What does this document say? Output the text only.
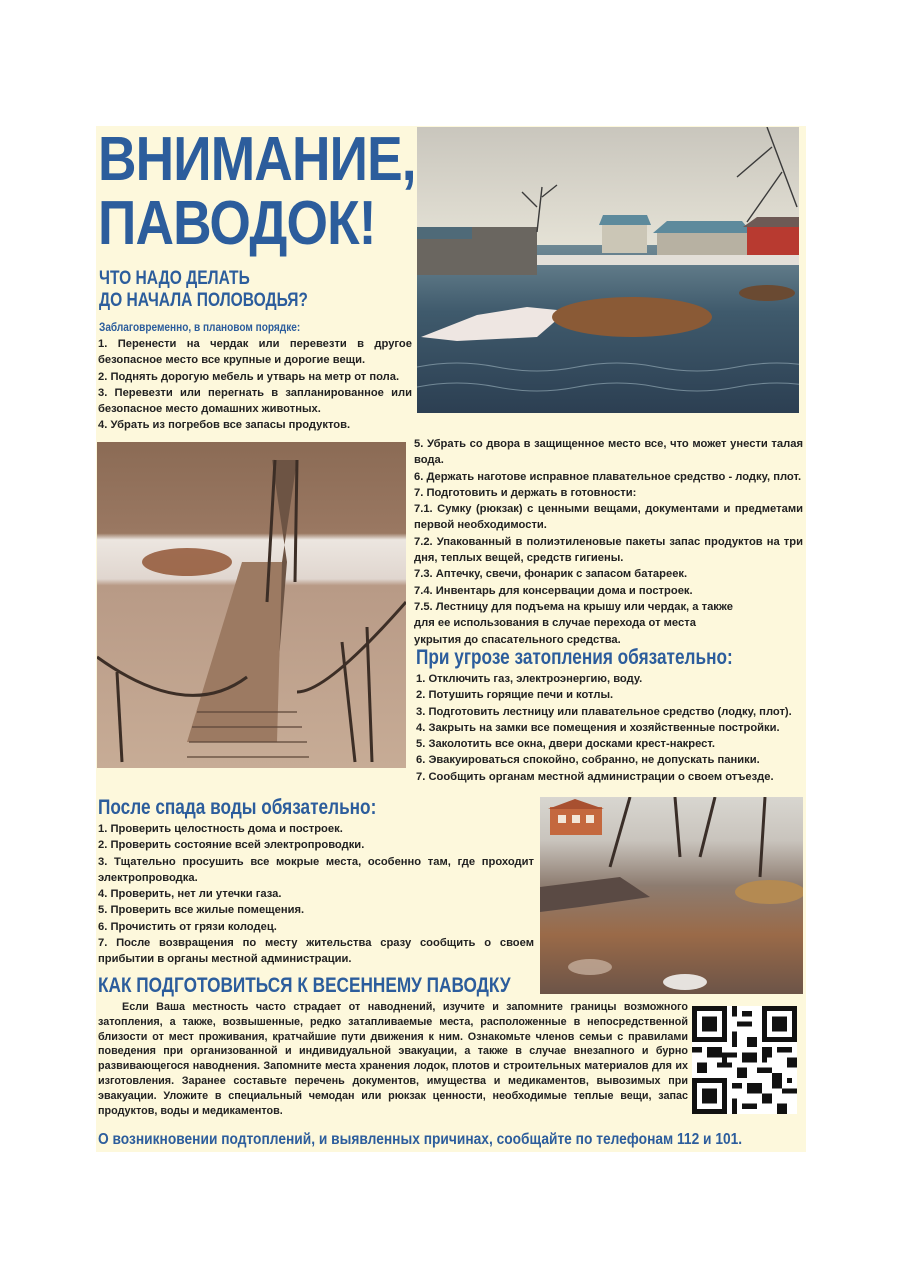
ВНИМАНИЕ,
ПАВОДОК!
ЧТО НАДО ДЕЛАТЬ
ДО НАЧАЛА ПОЛОВОДЬЯ?
Заблаговременно, в плановом порядке:

1. Перенести на чердак или перевезти в другое безопасное место все крупные и дорогие вещи.

2. Поднять дорогую мебель и утварь на метр от пола.

3. Перевезти или перегнать в запланированное или безопасное место домашних животных.

4. Убрать из погребов все запасы продуктов.

5. Убрать со двора в защищенное место все, что может унести талая вода.

6. Держать наготове исправное плавательное средство - лодку, плот.

7. Подготовить и держать в готовности:

7.1. Сумку (рюкзак) с ценными вещами, документами и предметами первой необходимости.

7.2. Упакованный в полиэтиленовые пакеты запас продуктов на три дня, теплых вещей, средств гигиены.

7.3. Аптечку, свечи, фонарик с запасом батареек.

7.4. Инвентарь для консервации дома и построек.

7.5. Лестницу для подъема на крышу или чердак, а также для ее использования в случае перехода от места укрытия до спасательного средства.

При угрозе затопления обязательно:

1. Отключить газ, электроэнергию, воду.

2. Потушить горящие печи и котлы.

3. Подготовить лестницу или плавательное средство (лодку, плот).

4. Закрыть на замки все помещения и хозяйственные постройки.

5. Заколотить все окна, двери досками крест-накрест.

6. Эвакуироваться спокойно, собранно, не допускать паники.

7. Сообщить органам местной администрации о своем отъезде.

После спада воды обязательно:

1. Проверить целостность дома и построек.

2. Проверить состояние всей электропроводки.

3. Тщательно просушить все мокрые места, особенно там, где проходит электропроводка.

4. Проверить, нет ли утечки газа.

5. Проверить все жилые помещения.

6. Прочистить от грязи колодец.

7. После возвращения по месту жительства сразу сообщить о своем прибытии в органы местной администрации.

КАК ПОДГОТОВИТЬСЯ К ВЕСЕННЕМУ ПАВОДКУ
Если Ваша местность часто страдает от наводнений, изучите и запомните границы возможного затопления, а также, возвышенные, редко затапливаемые места, расположенные в непосредственной близости от мест проживания, кратчайшие пути движения к ним. Ознакомьте членов семьи с правилами поведения при организованной и индивидуальной эвакуации, а также в случае внезапного и бурно развивающегося наводнения. Запомните места хранения лодок, плотов и строительных материалов для их изготовления. Заранее составьте перечень документов, имущества и медикаментов, вывозимых при эвакуации. Уложите в специальный чемодан или рюкзак ценности, необходимые теплые вещи, запас продуктов, воды и медикаментов.
О возникновении подтоплений, и выявленных причинах, сообщайте по телефонам 112 и 101.
